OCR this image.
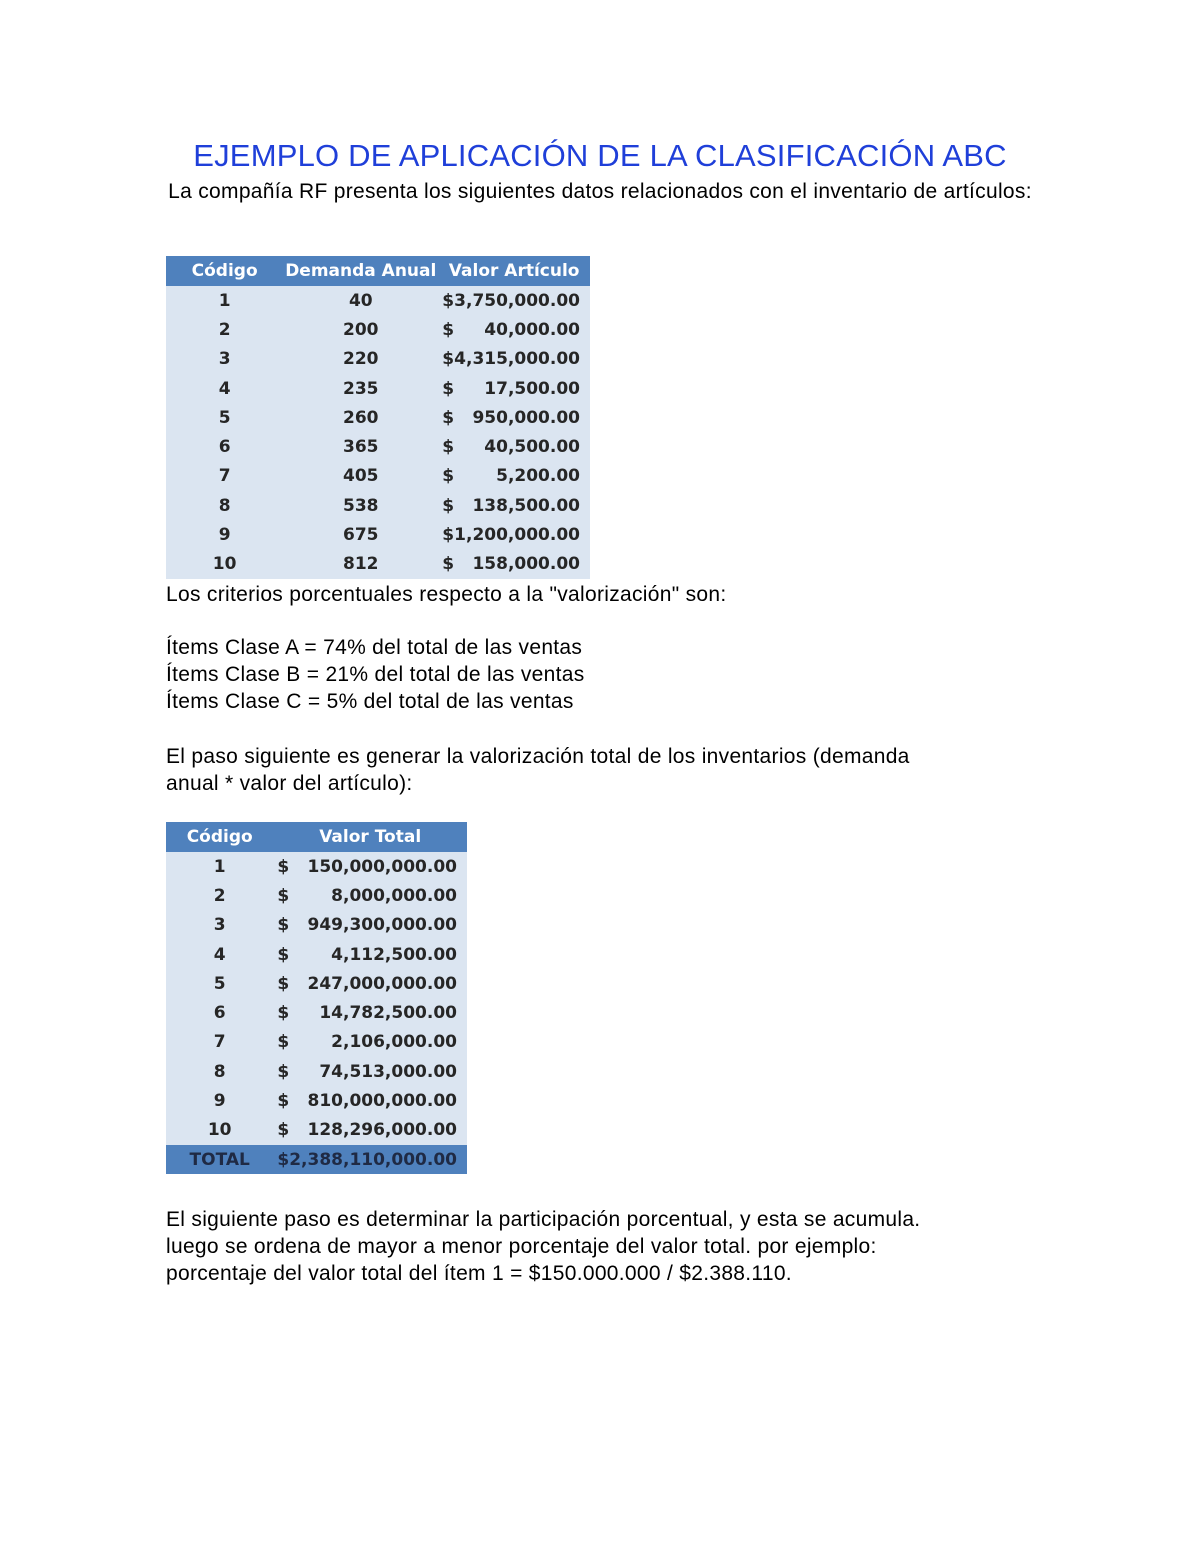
EJEMPLO DE APLICACIÓN DE LA CLASIFICACIÓN ABC
La compañía RF presenta los siguientes datos relacionados con el inventario de artículos:
Código	Demanda Anual	Valor Artículo
1	40	$ 3,750,000.00

2	200	$ 40,000.00

3	220	$ 4,315,000.00

4	235	$ 17,500.00

5	260	$ 950,000.00

6	365	$ 40,500.00

7	405	$ 5,200.00

8	538	$ 138,500.00

9	675	$ 1,200,000.00

10	812	$ 158,000.00
Los criterios porcentuales respecto a la "valorización" son:
Ítems Clase A = 74% del total de las ventas
Ítems Clase B = 21% del total de las ventas
Ítems Clase C = 5% del total de las ventas
El paso siguiente es generar la valorización total de los inventarios (demanda
anual * valor del artículo):
Código	Valor Total
1	$ 150,000,000.00

2	$ 8,000,000.00

3	$ 949,300,000.00

4	$ 4,112,500.00

5	$ 247,000,000.00

6	$ 14,782,500.00

7	$ 2,106,000.00

8	$ 74,513,000.00

9	$ 810,000,000.00

10	$ 128,296,000.00

TOTAL	$ 2,388,110,000.00
El siguiente paso es determinar la participación porcentual, y esta se acumula.
luego se ordena de mayor a menor porcentaje del valor total. por ejemplo:
porcentaje del valor total del ítem 1 = $150.000.000 / $2.388.110.
